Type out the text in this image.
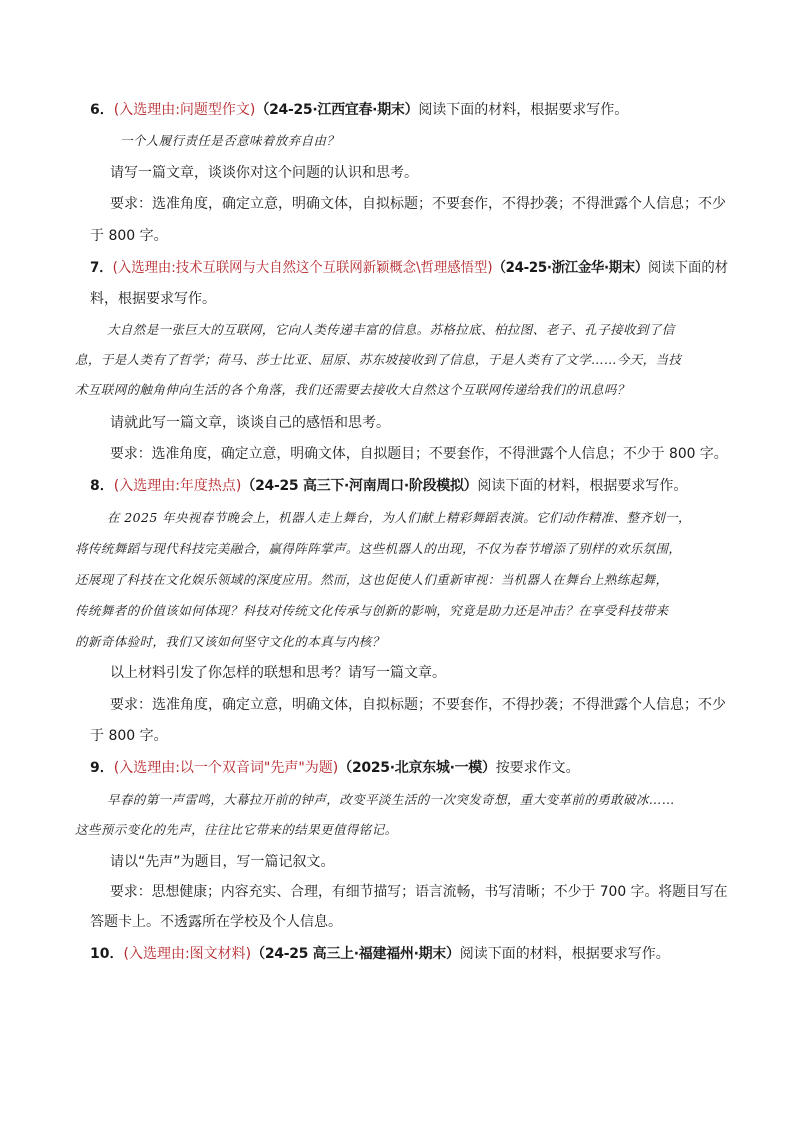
6．(入选理由:问题型作文)（24-25·江西宜春·期末）阅读下面的材料，根据要求写作。
一个人履行责任是否意味着放弃自由？
请写一篇文章，谈谈你对这个问题的认识和思考。
要求：选准角度，确定立意，明确文体，自拟标题；不要套作，不得抄袭；不得泄露个人信息；不少
于 800 字。
7．(入选理由:技术互联网与大自然这个互联网新颖概念\哲理感悟型)（24-25·浙江金华·期末）阅读下面的材
料，根据要求写作。
大自然是一张巨大的互联网，它向人类传递丰富的信息。苏格拉底、柏拉图、老子、孔子接收到了信
息，于是人类有了哲学；荷马、莎士比亚、屈原、苏东坡接收到了信息，于是人类有了文学……今天，当技
术互联网的触角伸向生活的各个角落，我们还需要去接收大自然这个互联网传递给我们的讯息吗？
请就此写一篇文章，谈谈自己的感悟和思考。
要求：选准角度，确定立意，明确文体，自拟题目；不要套作，不得泄露个人信息；不少于 800 字。
8．(入选理由:年度热点)（24-25 高三下·河南周口·阶段模拟）阅读下面的材料，根据要求写作。
在 2025 年央视春节晚会上，机器人走上舞台，为人们献上精彩舞蹈表演。它们动作精准、整齐划一，
将传统舞蹈与现代科技完美融合，赢得阵阵掌声。这些机器人的出现，不仅为春节增添了别样的欢乐氛围，
还展现了科技在文化娱乐领域的深度应用。然而，这也促使人们重新审视：当机器人在舞台上熟练起舞，
传统舞者的价值该如何体现？科技对传统文化传承与创新的影响，究竟是助力还是冲击？在享受科技带来
的新奇体验时，我们又该如何坚守文化的本真与内核？
以上材料引发了你怎样的联想和思考？请写一篇文章。
要求：选准角度，确定立意，明确文体，自拟标题；不要套作，不得抄袭；不得泄露个人信息；不少
于 800 字。
9．(入选理由:以一个双音词"先声"为题)（2025·北京东城·一模）按要求作文。
早春的第一声雷鸣，大幕拉开前的钟声，改变平淡生活的一次突发奇想，重大变革前的勇敢破冰……
这些预示变化的先声，往往比它带来的结果更值得铭记。
请以“先声”为题目，写一篇记叙文。
要求：思想健康；内容充实、合理，有细节描写；语言流畅，书写清晰；不少于 700 字。将题目写在
答题卡上。不透露所在学校及个人信息。
10．(入选理由:图文材料)（24-25 高三上·福建福州·期末）阅读下面的材料，根据要求写作。
